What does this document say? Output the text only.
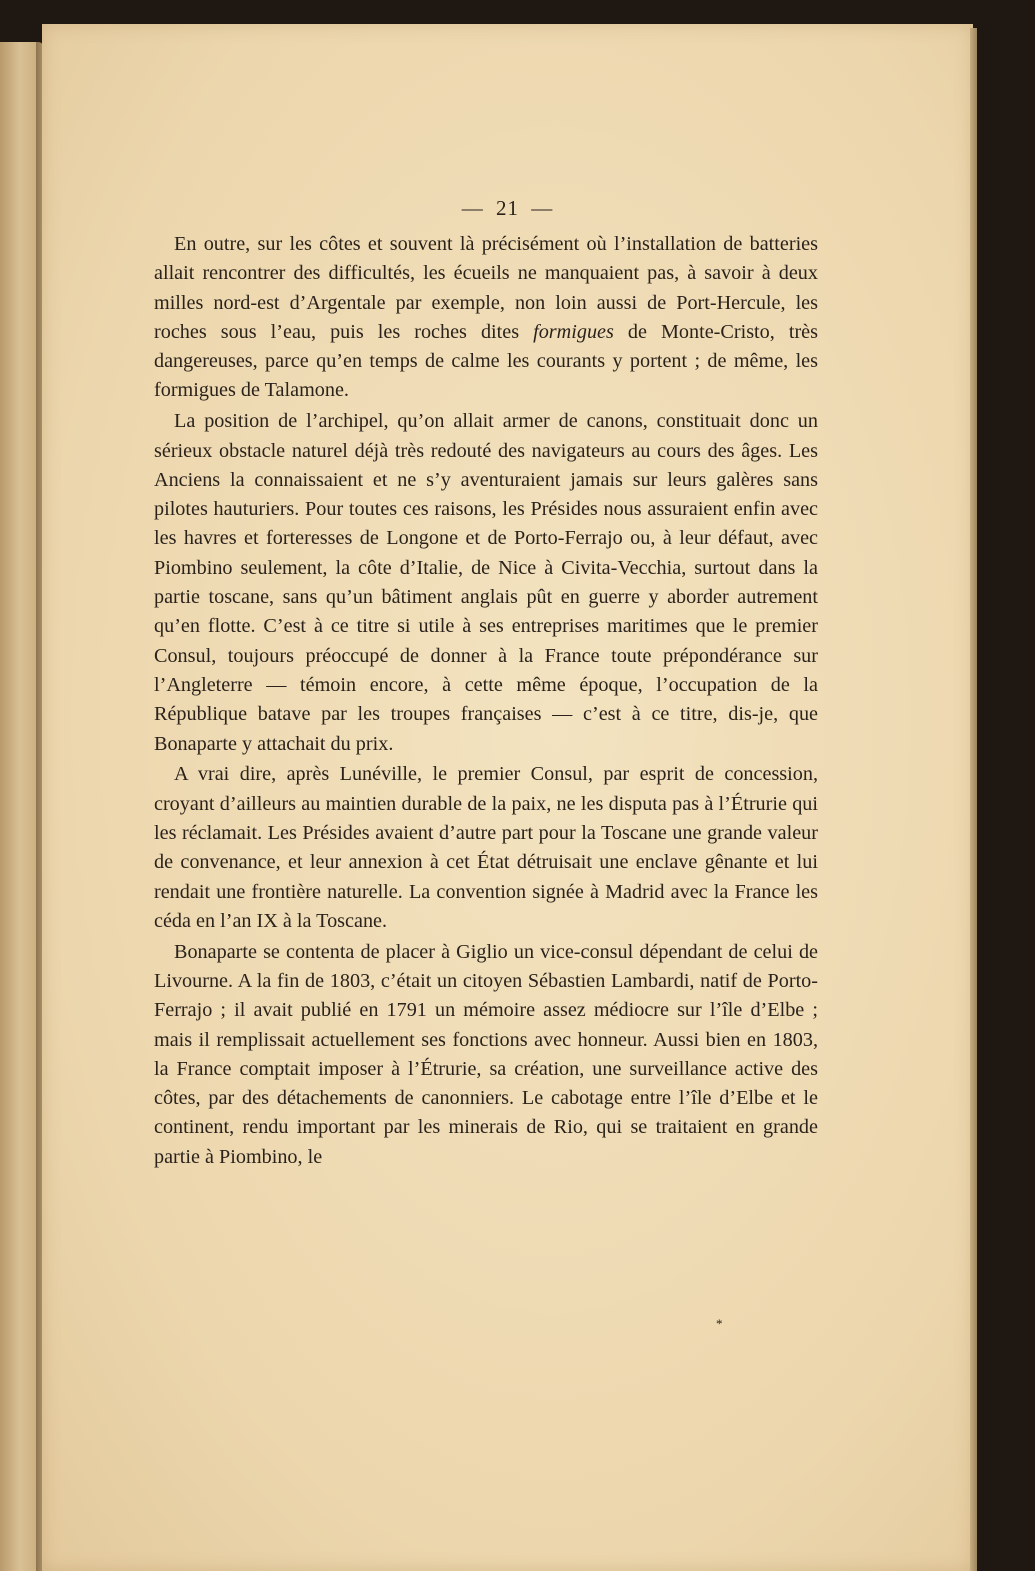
— 21 —

En outre, sur les côtes et souvent là précisément où l’installation de batteries allait rencontrer des difficultés, les écueils ne manquaient pas, à savoir à deux milles nord-est d’Argentale par exemple, non loin aussi de Port-Hercule, les roches sous l’eau, puis les roches dites formigues de Monte-Cristo, très dangereuses, parce qu’en temps de calme les courants y portent ; de même, les formigues de Talamone.

La position de l’archipel, qu’on allait armer de canons, constituait donc un sérieux obstacle naturel déjà très redouté des navigateurs au cours des âges. Les Anciens la connaissaient et ne s’y aventuraient jamais sur leurs galères sans pilotes hauturiers. Pour toutes ces raisons, les Présides nous assuraient enfin avec les havres et forteresses de Longone et de Porto-Ferrajo ou, à leur défaut, avec Piombino seulement, la côte d’Italie, de Nice à Civita-Vecchia, surtout dans la partie toscane, sans qu’un bâtiment anglais pût en guerre y aborder autrement qu’en flotte. C’est à ce titre si utile à ses entreprises maritimes que le premier Consul, toujours préoccupé de donner à la France toute prépondérance sur l’Angleterre — témoin encore, à cette même époque, l’occupation de la République batave par les troupes françaises — c’est à ce titre, dis-je, que Bonaparte y attachait du prix.

A vrai dire, après Lunéville, le premier Consul, par esprit de concession, croyant d’ailleurs au maintien durable de la paix, ne les disputa pas à l’Étrurie qui les réclamait. Les Présides avaient d’autre part pour la Toscane une grande valeur de convenance, et leur annexion à cet État détruisait une enclave gênante et lui rendait une frontière naturelle. La convention signée à Madrid avec la France les céda en l’an IX à la Toscane.

Bonaparte se contenta de placer à Giglio un vice-consul dépendant de celui de Livourne. A la fin de 1803, c’était un citoyen Sébastien Lambardi, natif de Porto-Ferrajo ; il avait publié en 1791 un mémoire assez médiocre sur l’île d’Elbe ; mais il remplissait actuellement ses fonctions avec honneur. Aussi bien en 1803, la France comptait imposer à l’Étrurie, sa création, une surveillance active des côtes, par des détachements de canonniers. Le cabotage entre l’île d’Elbe et le continent, rendu important par les minerais de Rio, qui se traitaient en grande partie à Piombino, le

*
